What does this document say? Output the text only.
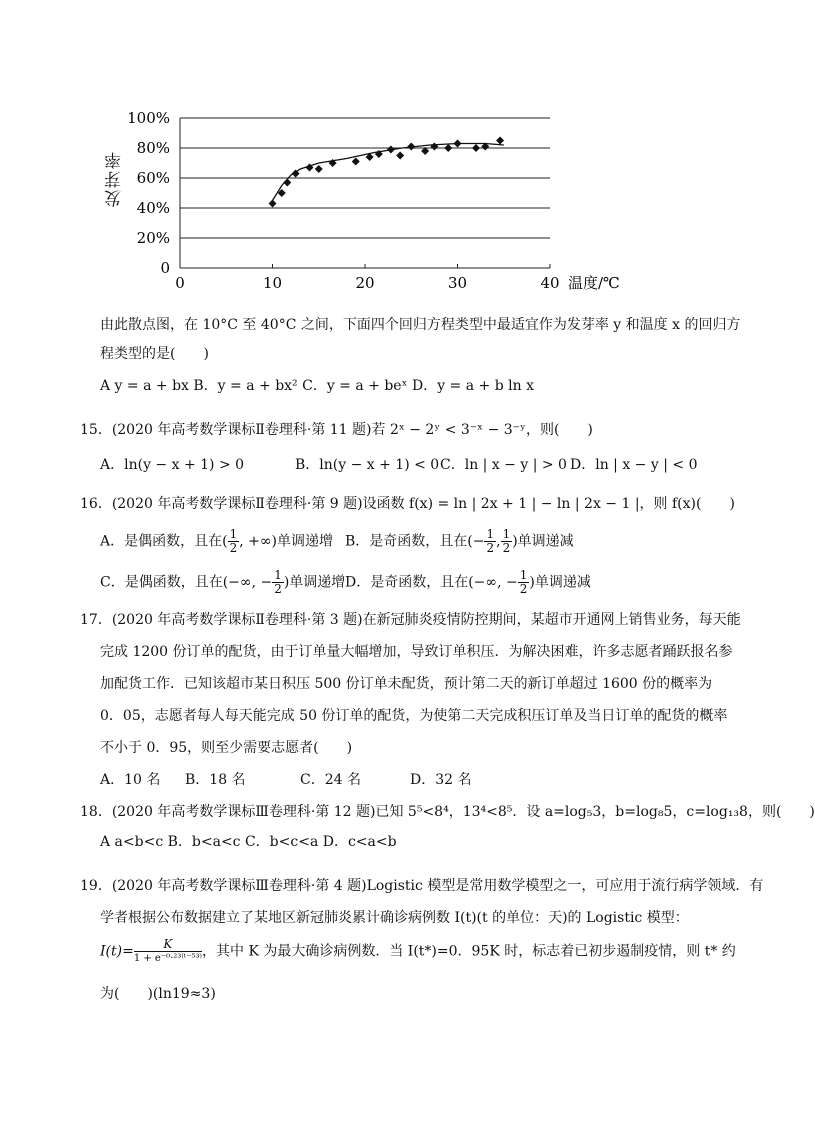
发芽率
0
20%
40%
60%
80%
100%
0	10	20	30	40 温度/℃
由此散点图，在 10°C 至 40°C 之间，下面四个回归方程类型中最适宜作为发芽率 y 和温度 x 的回归方
程类型的是(　　)
A y = a + bx B．y = a + bx² C．y = a + beˣ D．y = a + b ln x
15．(2020 年高考数学课标Ⅱ卷理科·第 11 题)若 2ˣ − 2ʸ < 3⁻ˣ − 3⁻ʸ，则(　　)
A．ln(y − x + 1) > 0	B．ln(y − x + 1) < 0 C．ln | x − y | > 0 D．ln | x − y | < 0
16．(2020 年高考数学课标Ⅱ卷理科·第 9 题)设函数 f(x) = ln | 2x + 1 | − ln | 2x − 1 |，则 f(x)(　　)
A．是偶函数，且在( $\frac{1}{2}$ , +∞)单调递增 B．是奇函数，且在(− $\frac{1}{2}$ , $\frac{1}{2}$ )单调递减
C．是偶函数，且在(−∞, − $\frac{1}{2}$ )单调递增 D．是奇函数，且在(−∞, − $\frac{1}{2}$ )单调递减
17．(2020 年高考数学课标Ⅱ卷理科·第 3 题)在新冠肺炎疫情防控期间，某超市开通网上销售业务，每天能
完成 1200 份订单的配货，由于订单量大幅增加，导致订单积压．为解决困难，许多志愿者踊跃报名参
加配货工作．已知该超市某日积压 500 份订单未配货，预计第二天的新订单超过 1600 份的概率为
0．05，志愿者每人每天能完成 50 份订单的配货，为使第二天完成积压订单及当日订单的配货的概率
不小于 0．95，则至少需要志愿者(　　)
A．10 名 B．18 名	C．24 名	D．32 名
18．(2020 年高考数学课标Ⅲ卷理科·第 12 题)已知 5⁵<8⁴，13⁴<8⁵．设 a=log₅3，b=log₈5，c=log₁₃8，则(　　)
A a<b<c B．b<a<c C．b<c<a D．c<a<b
19．(2020 年高考数学课标Ⅲ卷理科·第 4 题)Logistic 模型是常用数学模型之一，可应用于流行病学领域．有
学者根据公布数据建立了某地区新冠肺炎累计确诊病例数 I(t)(t 的单位：天)的 Logistic 模型：
$I(t)= \frac{K}{\text{1 + e⁻⁰·²³⁽ᵗ⁻⁵³⁾}}$ ，其中 K 为最大确诊病例数．当 I(t*)=0．95K 时，标志着已初步遏制疫情，则 t* 约
为(　　)(ln19≈3)
